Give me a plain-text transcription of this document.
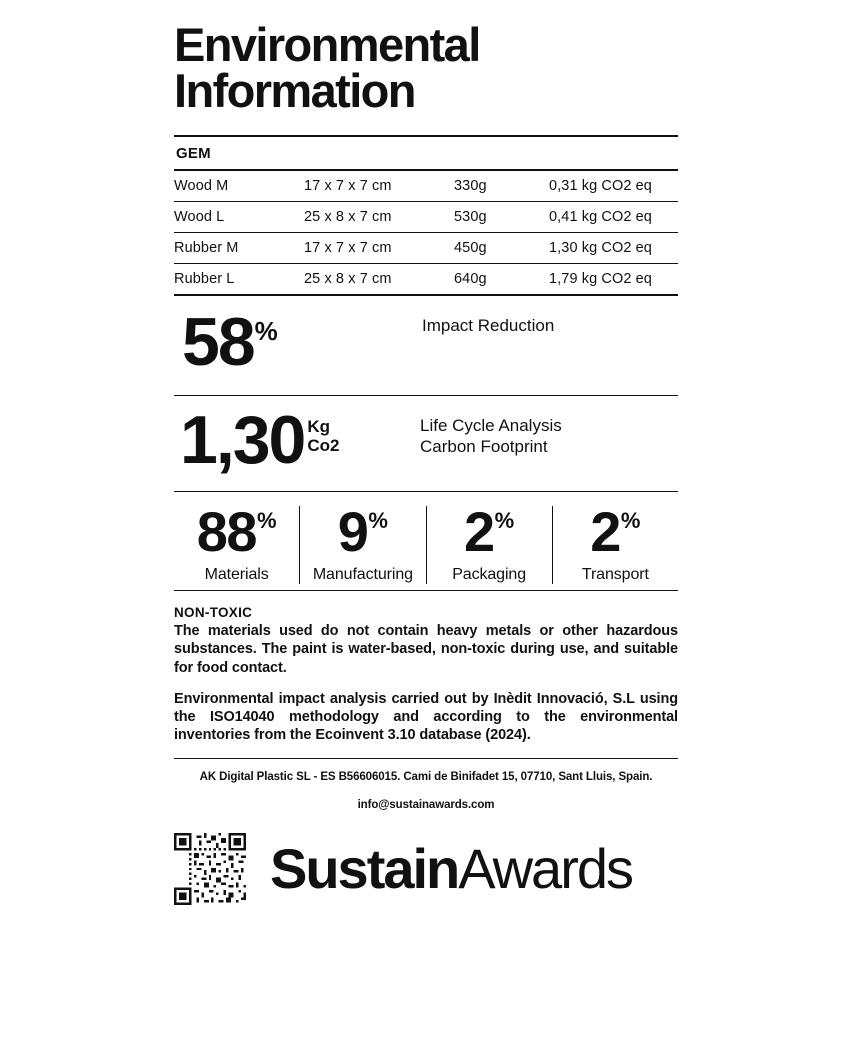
Environmental
Information
GEM
Wood M	17 x 7 x 7 cm	330g	0,31 kg CO2 eq
Wood L	25 x 8 x 7 cm	530g	0,41 kg CO2 eq
Rubber M	17 x 7 x 7 cm	450g	1,30 kg CO2 eq
Rubber L	25 x 8 x 7 cm	640g	1,79 kg CO2 eq
58 %	Impact Reduction
1,30 Kg
Co2
Life Cycle Analysis
Carbon Footprint
88 %
Materials
9 %
Manufacturing
2 %
Packaging
2 %
Transport
NON-TOXIC

The materials used do not contain heavy metals or other hazardous substances. The paint is water-based, non-toxic during use, and suitable for food contact.

Environmental impact analysis carried out by Inèdit Innovació, S.L using the ISO14040 methodology and according to the environmental inventories from the Ecoinvent 3.10 database (2024).

AK Digital Plastic SL - ES B56606015. Cami de Binifadet 15, 07710, Sant Lluis, Spain.
info@sustainawards.com
SustainAwards
